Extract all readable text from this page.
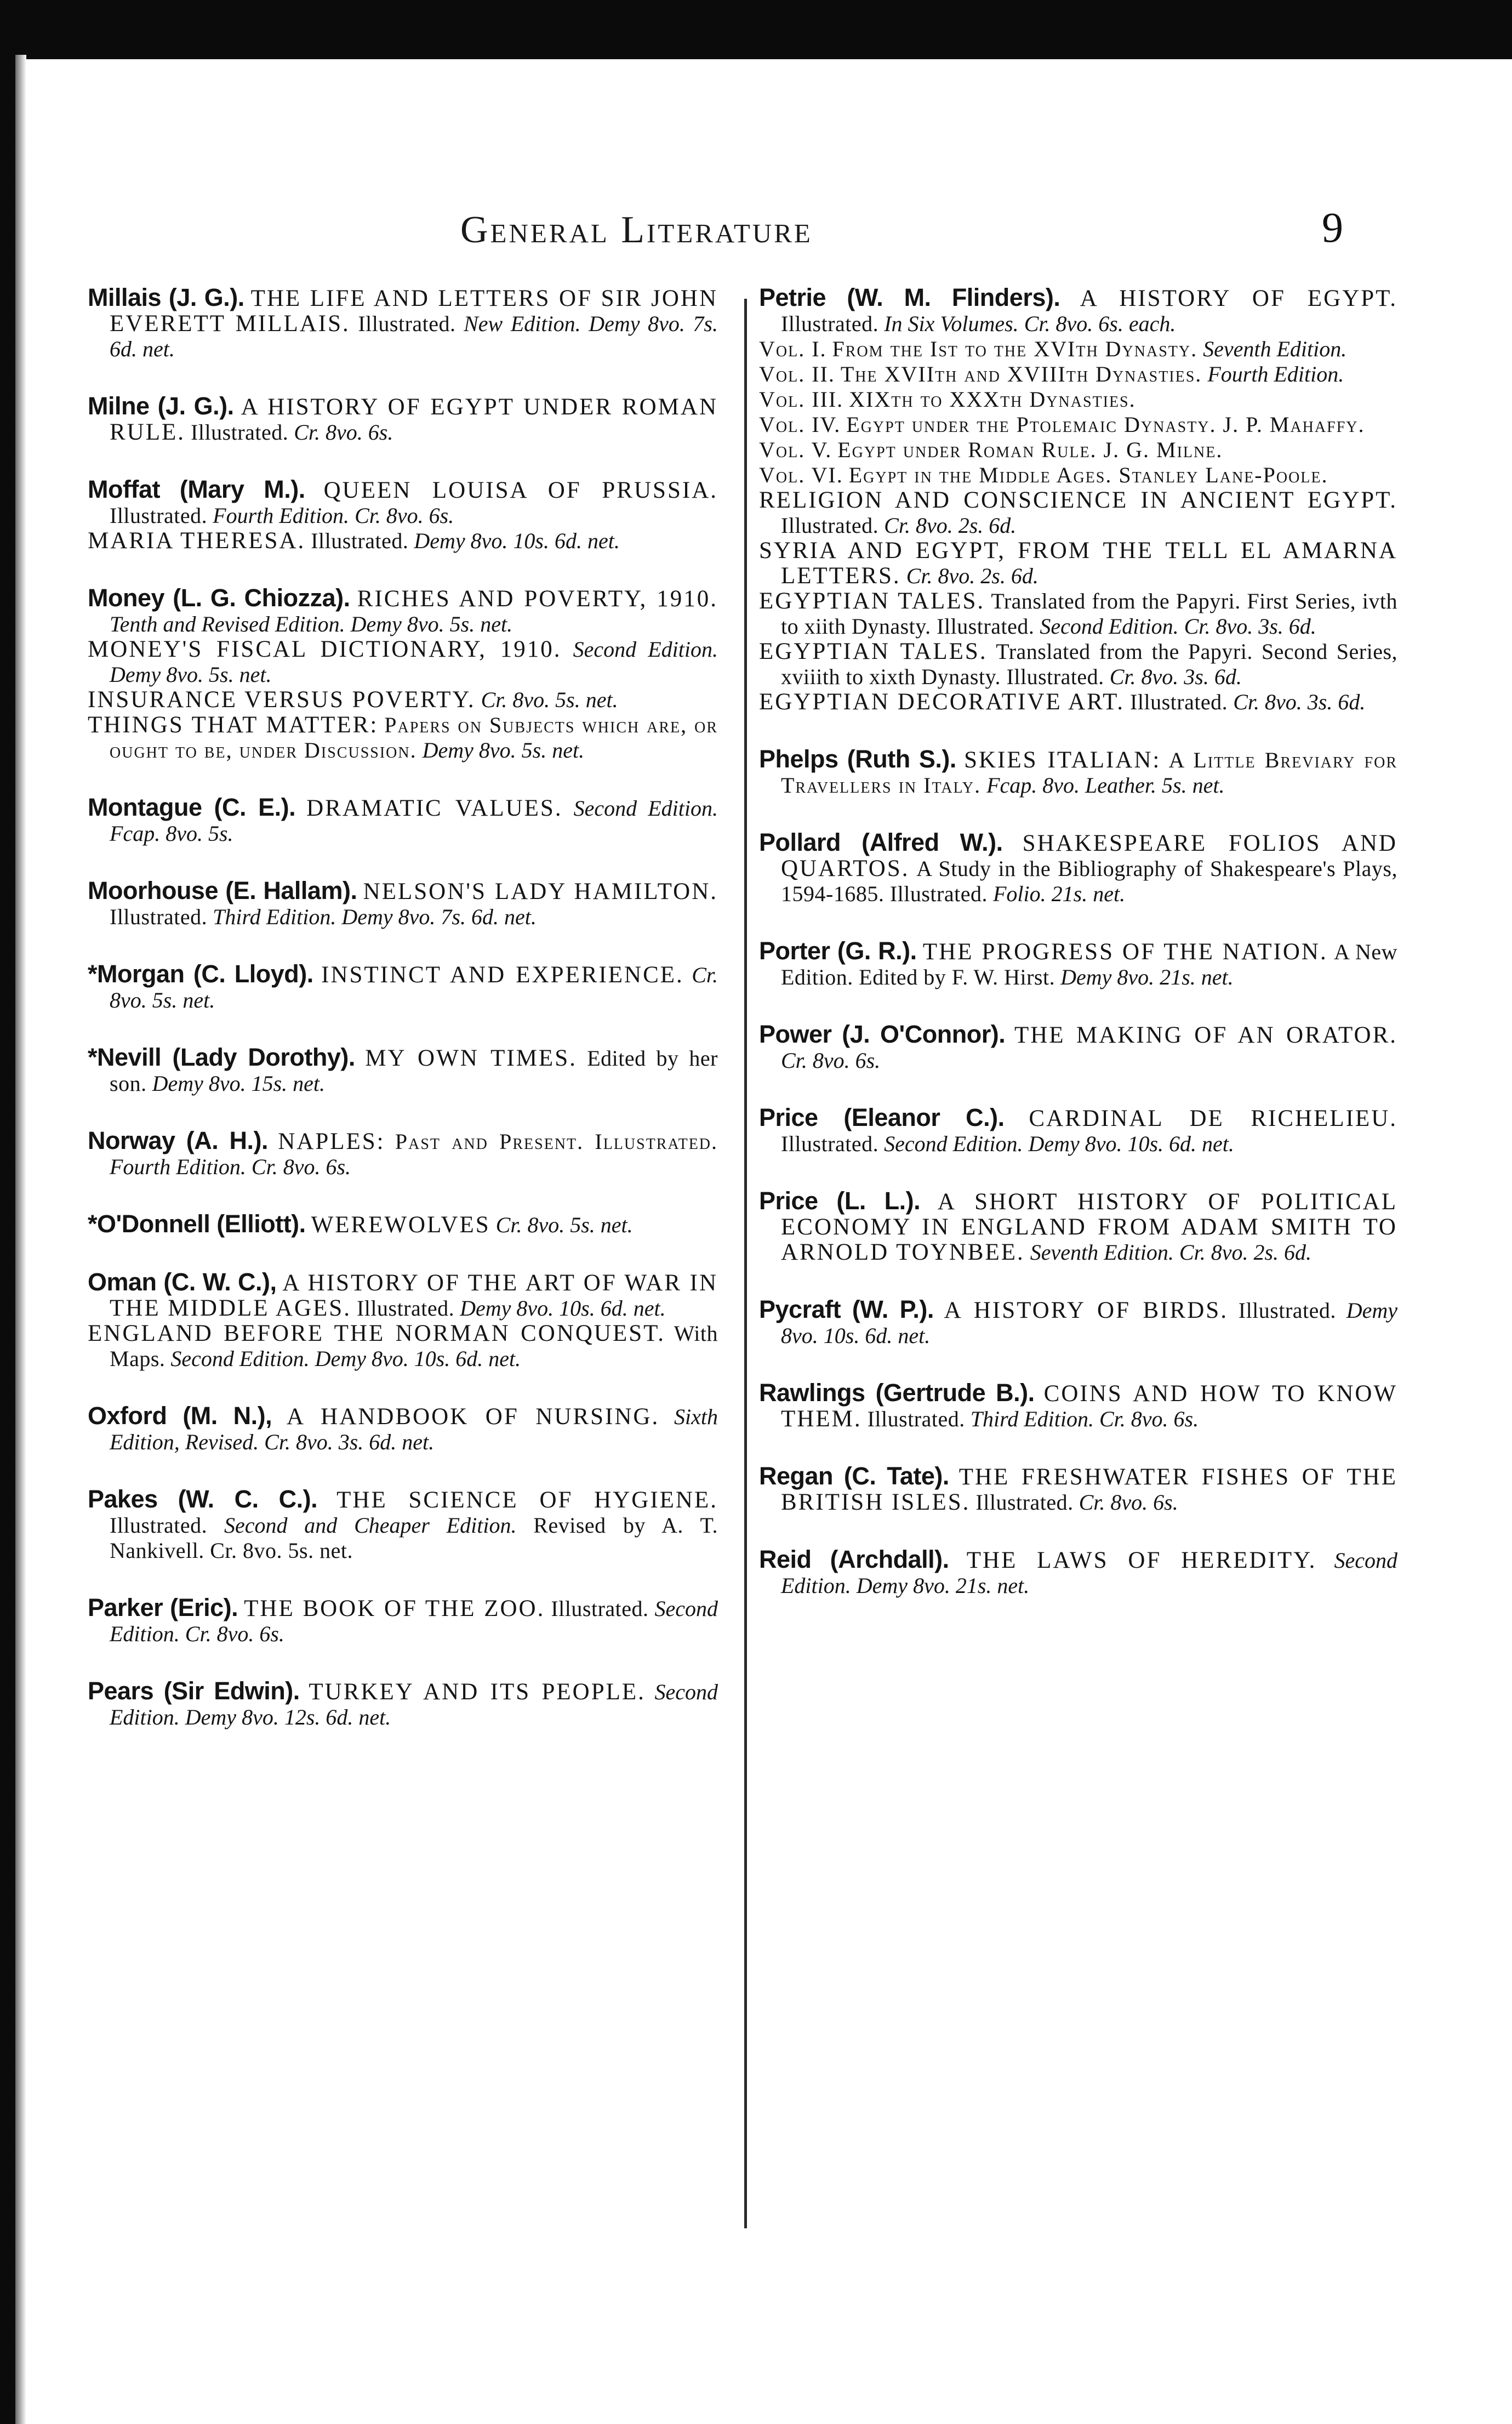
General Literature	9

Millais (J. G.). THE LIFE AND LETTERS OF SIR JOHN EVERETT MILLAIS. Illustrated. New Edition. Demy 8vo. 7s. 6d. net.

Milne (J. G.). A HISTORY OF EGYPT UNDER ROMAN RULE. Illustrated. Cr. 8vo. 6s.

Moffat (Mary M.). QUEEN LOUISA OF PRUSSIA. Illustrated. Fourth Edition. Cr. 8vo. 6s.

MARIA THERESA. Illustrated. Demy 8vo. 10s. 6d. net.

Money (L. G. Chiozza). RICHES AND POVERTY, 1910. Tenth and Revised Edition. Demy 8vo. 5s. net.

MONEY'S FISCAL DICTIONARY, 1910. Second Edition. Demy 8vo. 5s. net.

INSURANCE VERSUS POVERTY. Cr. 8vo. 5s. net.

THINGS THAT MATTER: Papers on Subjects which are, or ought to be, under Discussion. Demy 8vo. 5s. net.

Montague (C. E.). DRAMATIC VALUES. Second Edition. Fcap. 8vo. 5s.

Moorhouse (E. Hallam). NELSON'S LADY HAMILTON. Illustrated. Third Edition. Demy 8vo. 7s. 6d. net.

*Morgan (C. Lloyd). INSTINCT AND EXPERIENCE. Cr. 8vo. 5s. net.

*Nevill (Lady Dorothy). MY OWN TIMES. Edited by her son. Demy 8vo. 15s. net.

Norway (A. H.). NAPLES: Past and Present. Illustrated. Fourth Edition. Cr. 8vo. 6s.

*O'Donnell (Elliott). WEREWOLVES Cr. 8vo. 5s. net.

Oman (C. W. C.), A HISTORY OF THE ART OF WAR IN THE MIDDLE AGES. Illustrated. Demy 8vo. 10s. 6d. net.

ENGLAND BEFORE THE NORMAN CONQUEST. With Maps. Second Edition. Demy 8vo. 10s. 6d. net.

Oxford (M. N.), A HANDBOOK OF NURSING. Sixth Edition, Revised. Cr. 8vo. 3s. 6d. net.

Pakes (W. C. C.). THE SCIENCE OF HYGIENE. Illustrated. Second and Cheaper Edition. Revised by A. T. Nankivell. Cr. 8vo. 5s. net.

Parker (Eric). THE BOOK OF THE ZOO. Illustrated. Second Edition. Cr. 8vo. 6s.

Pears (Sir Edwin). TURKEY AND ITS PEOPLE. Second Edition. Demy 8vo. 12s. 6d. net.

Petrie (W. M. Flinders). A HISTORY OF EGYPT. Illustrated. In Six Volumes. Cr. 8vo. 6s. each.

Vol. I. From the Ist to the XVIth Dynasty. Seventh Edition.

Vol. II. The XVIIth and XVIIIth Dynasties. Fourth Edition.

Vol. III. XIXth to XXXth Dynasties.

Vol. IV. Egypt under the Ptolemaic Dynasty. J. P. Mahaffy.

Vol. V. Egypt under Roman Rule. J. G. Milne.

Vol. VI. Egypt in the Middle Ages. Stanley Lane-Poole.

RELIGION AND CONSCIENCE IN ANCIENT EGYPT. Illustrated. Cr. 8vo. 2s. 6d.

SYRIA AND EGYPT, FROM THE TELL EL AMARNA LETTERS. Cr. 8vo. 2s. 6d.

EGYPTIAN TALES. Translated from the Papyri. First Series, ivth to xiith Dynasty. Illustrated. Second Edition. Cr. 8vo. 3s. 6d.

EGYPTIAN TALES. Translated from the Papyri. Second Series, xviiith to xixth Dynasty. Illustrated. Cr. 8vo. 3s. 6d.

EGYPTIAN DECORATIVE ART. Illustrated. Cr. 8vo. 3s. 6d.

Phelps (Ruth S.). SKIES ITALIAN: A Little Breviary for Travellers in Italy. Fcap. 8vo. Leather. 5s. net.

Pollard (Alfred W.). SHAKESPEARE FOLIOS AND QUARTOS. A Study in the Bibliography of Shakespeare's Plays, 1594-1685. Illustrated. Folio. 21s. net.

Porter (G. R.). THE PROGRESS OF THE NATION. A New Edition. Edited by F. W. Hirst. Demy 8vo. 21s. net.

Power (J. O'Connor). THE MAKING OF AN ORATOR. Cr. 8vo. 6s.

Price (Eleanor C.). CARDINAL DE RICHELIEU. Illustrated. Second Edition. Demy 8vo. 10s. 6d. net.

Price (L. L.). A SHORT HISTORY OF POLITICAL ECONOMY IN ENGLAND FROM ADAM SMITH TO ARNOLD TOYNBEE. Seventh Edition. Cr. 8vo. 2s. 6d.

Pycraft (W. P.). A HISTORY OF BIRDS. Illustrated. Demy 8vo. 10s. 6d. net.

Rawlings (Gertrude B.). COINS AND HOW TO KNOW THEM. Illustrated. Third Edition. Cr. 8vo. 6s.

Regan (C. Tate). THE FRESHWATER FISHES OF THE BRITISH ISLES. Illustrated. Cr. 8vo. 6s.

Reid (Archdall). THE LAWS OF HEREDITY. Second Edition. Demy 8vo. 21s. net.
